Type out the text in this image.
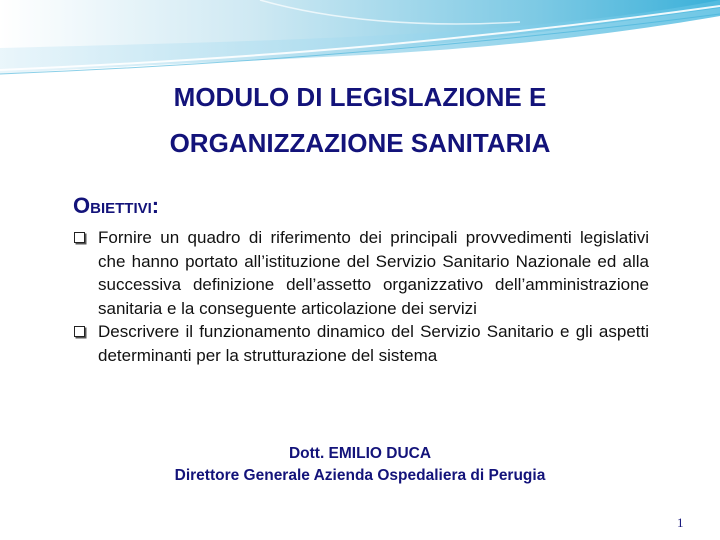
MODULO DI LEGISLAZIONE E
ORGANIZZAZIONE SANITARIA
Obiettivi:
Fornire un quadro di riferimento dei principali provvedimenti legislativi che hanno portato all’istituzione del Servizio Sanitario Nazionale ed alla successiva definizione dell’assetto organizzativo dell’amministrazione sanitaria e la conseguente articolazione dei servizi
Descrivere il funzionamento dinamico del Servizio Sanitario e gli aspetti determinanti per la strutturazione del sistema
Dott. EMILIO DUCA
Direttore Generale Azienda Ospedaliera di Perugia
1
